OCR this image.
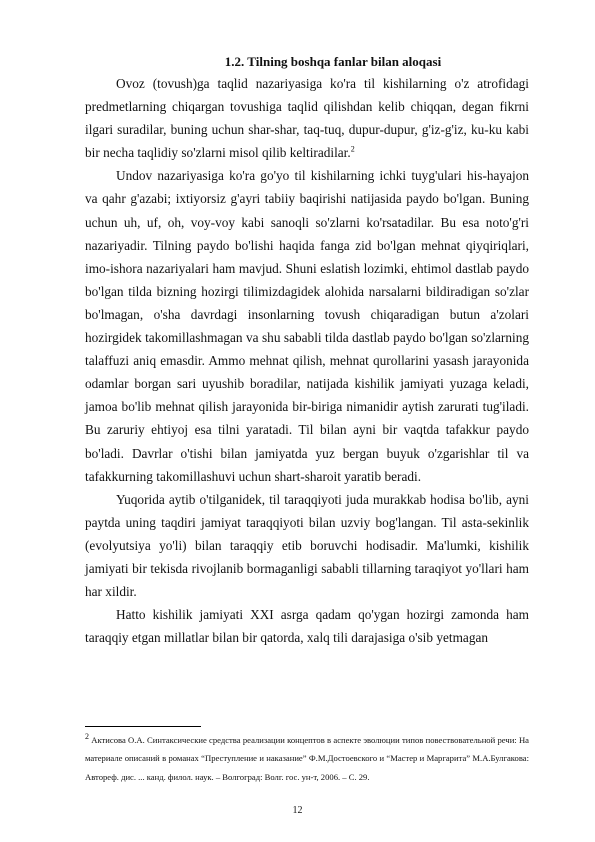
1.2. Tilning boshqa fanlar bilan aloqasi

Ovoz (tovush)ga taqlid nazariyasiga ko'ra til kishilarning o'z atrofidagi predmetlarning chiqargan tovushiga taqlid qilishdan kelib chiqqan, degan fikrni ilgari suradilar, buning uchun shar-shar, taq-tuq, dupur-dupur, g'iz-g'iz, ku-ku kabi bir necha taqlidiy so'zlarni misol qilib keltiradilar.$^2$

Undov nazariyasiga ko'ra go'yo til kishilarning ichki tuyg'ulari his-hayajon va qahr g'azabi; ixtiyorsiz g'ayri tabiiy baqirishi natijasida paydo bo'lgan. Buning uchun uh, uf, oh, voy-voy kabi sanoqli so'zlarni ko'rsatadilar. Bu esa noto'g'ri nazariyadir. Tilning paydo bo'lishi haqida fanga zid bo'lgan mehnat qiyqiriqlari, imo-ishora nazariyalari ham mavjud. Shuni eslatish lozimki, ehtimol dastlab paydo bo'lgan tilda bizning hozirgi tilimizdagidek alohida narsalarni bildiradigan so'zlar bo'lmagan, o'sha davrdagi insonlarning tovush chiqaradigan butun a'zolari hozirgidek takomillashmagan va shu sababli tilda dastlab paydo bo'lgan so'zlarning talaffuzi aniq emasdir. Ammo mehnat qilish, mehnat qurollarini yasash jarayonida odamlar borgan sari uyushib boradilar, natijada kishilik jamiyati yuzaga keladi, jamoa bo'lib mehnat qilish jarayonida bir-biriga nimanidir aytish zarurati tug'iladi. Bu zaruriy ehtiyoj esa tilni yaratadi. Til bilan ayni bir vaqtda tafakkur paydo bo'ladi. Davrlar o'tishi bilan jamiyatda yuz bergan buyuk o'zgarishlar til va tafakkurning takomillashuvi uchun shart-sharoit yaratib beradi.

Yuqorida aytib o'tilganidek, til taraqqiyoti juda murakkab hodisa bo'lib, ayni paytda uning taqdiri jamiyat taraqqiyoti bilan uzviy bog'langan. Til asta-sekinlik (evolyutsiya yo'li) bilan taraqqiy etib boruvchi hodisadir. Ma'lumki, kishilik jamiyati bir tekisda rivojlanib bormaganligi sababli tillarning taraqiyot yo'llari ham har xildir.

Hatto kishilik jamiyati XXI asrga qadam qo'ygan hozirgi zamonda ham taraqqiy etgan millatlar bilan bir qatorda, xalq tili darajasiga o'sib yetmagan

2 Актисова О.А. Синтаксические средства реализации концептов в аспекте эволюции типов повествовательной речи: На материале описаний в романах “Преступление и наказание” Ф.М.Достоевского и “Мастер и Маргарита” М.А.Булгакова: Автореф. дис. ... канд. филол. наук. – Волгоград: Волг. гос. ун-т, 2006. – С. 29.

12
